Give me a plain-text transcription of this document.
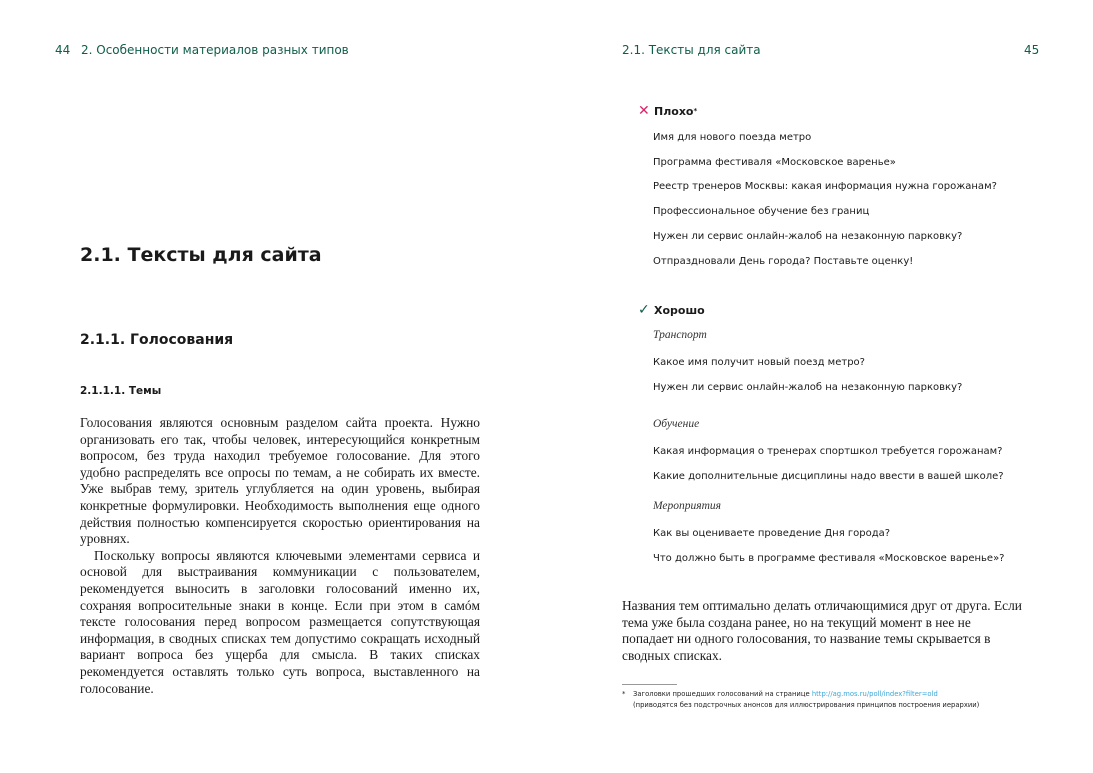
44 2. Особенности материалов разных типов	2.1. Тексты для сайта	45
2.1. Тексты для сайта
2.1.1. Голосования
2.1.1.1. Темы

Голосования являются основным разделом сайта проекта. Нужно организовать его так, чтобы человек, интересующийся конкретным вопросом, без труда находил требуемое голосование. Для этого удобно распределять все опросы по темам, а не собирать их вместе. Уже выбрав тему, зритель углубляется на один уровень, выбирая конкретные формулировки. Необходимость выполнения еще одного действия полностью компенсируется скоростью ориентирования на уровнях.

Поскольку вопросы являются ключевыми элементами сервиса и основой для выстраивания коммуникации с пользователем, рекомендуется выносить в заголовки голосований именно их, сохраняя вопросительные знаки в конце. Если при этом в самóм тексте голосования перед вопросом размещается сопутствующая информация, в сводных списках тем допустимо сокращать исходный вариант вопроса без ущерба для смысла. В таких списках рекомендуется оставлять только суть вопроса, выставленного на голосование.

✕ Плохо *
Имя для нового поезда метро
Программа фестиваля «Московское варенье»
Реестр тренеров Москвы: какая информация нужна горожанам?
Профессиональное обучение без границ
Нужен ли сервис онлайн-жалоб на незаконную парковку?
Отпраздновали День города? Поставьте оценку!
✓ Хорошо
Транспорт
Какое имя получит новый поезд метро?
Нужен ли сервис онлайн-жалоб на незаконную парковку?
Обучение
Какая информация о тренерах спортшкол требуется горожанам?
Какие дополнительные дисциплины надо ввести в вашей школе?
Мероприятия
Как вы оцениваете проведение Дня города?
Что должно быть в программе фестиваля «Московское варенье»?
Названия тем оптимально делать отличающимися друг от друга. Если тема уже была создана ранее, но на текущий момент в нее не попадает ни одного голосования, то название темы скрывается в сводных списках.
* Заголовки прошедших голосований на странице http://ag.mos.ru/poll/index?filter=old
(приводятся без подстрочных анонсов для иллюстрирования принципов построения иерархии)
